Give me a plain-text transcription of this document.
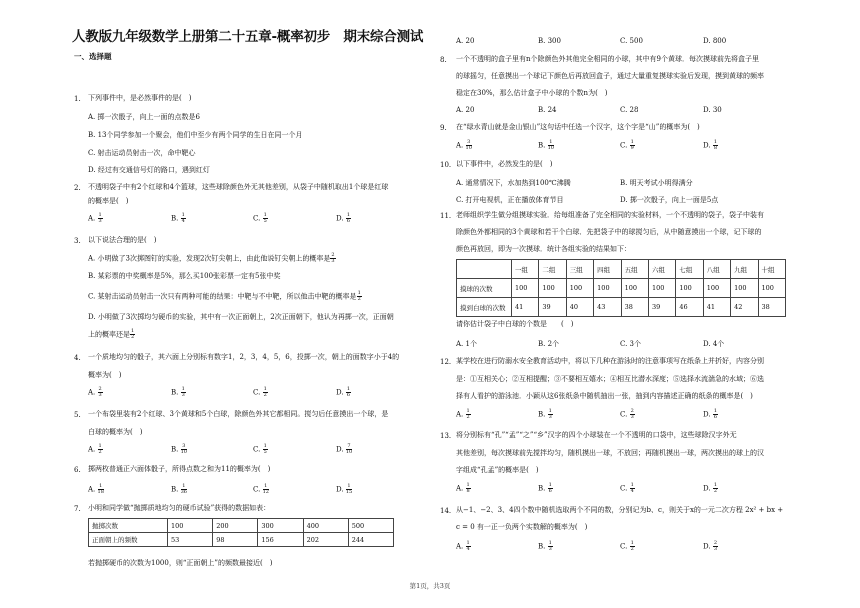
人教版九年级数学上册第二十五章-概率初步　期末综合测试
一、选择题
1. 下列事件中，是必然事件的是(　)
A. 掷一次骰子，向上一面的点数是6
B. 13个同学参加一个聚会，他们中至少有两个同学的生日在同一个月
C. 射击运动员射击一次，命中靶心
D. 经过有交通信号灯的路口，遇到红灯
2. 不透明袋子中有2个红球和4个篮球，这些球除颜色外无其他差别，从袋子中随机取出1个球是红球
的概率是(　)
A. $\frac{1}{3}$	B. $\frac{1}{4}$	C. $\frac{1}{5}$	D. $\frac{1}{6}$
3. 以下说法合理的是(　)
A. 小明做了3次掷图钉的实验，发现2次钉尖朝上，由此他说钉尖朝上的概率是 $\frac{2}{3}$
B. 某彩票的中奖概率是5%，那么买100张彩票一定有5张中奖
C. 某射击运动员射击一次只有两种可能的结果：中靶与不中靶，所以他击中靶的概率是 $\frac{1}{2}$
D. 小明做了3次掷均匀硬币的实验，其中有一次正面朝上，2次正面朝下，他认为再掷一次，正面朝
上的概率还是 $\frac{1}{2}$
4. 一个质地均匀的骰子，其六面上分别标有数字1，2，3，4，5，6，投掷一次，朝上的面数字小于4的
概率为(　)
A. $\frac{2}{3}$	B. $\frac{1}{3}$	C. $\frac{1}{2}$	D. $\frac{1}{6}$
5. 一个布袋里装有2个红球、3个黄球和5个白球，除颜色外其它都相同。搅匀后任意摸出一个球，是
白球的概率为(　)
A. $\frac{1}{2}$	B. $\frac{3}{10}$	C. $\frac{1}{5}$	D. $\frac{7}{10}$
6. 掷两枚普通正六面体骰子，所得点数之和为11的概率为(　)
A. $\frac{1}{18}$	B. $\frac{1}{36}$	C. $\frac{1}{12}$	D. $\frac{1}{15}$
7. 小明和同学做“抛掷质地均匀的硬币试验”获得的数据如表：
抛掷次数	100	200	300	400	500
正面朝上的频数	53	98	156	202	244
若抛掷硬币的次数为1000，则“正面朝上”的频数最接近(　)
A. 20	B. 300	C. 500	D. 800
8. 一个不透明的盒子里有n个除颜色外其他完全相同的小球，其中有9个黄球．每次摸球前先将盒子里
的球摇匀，任意摸出一个球记下颜色后再放回盒子，通过大量重复摸球实验后发现，摸到黄球的频率
稳定在30%，那么估计盒子中小球的个数n为(　)
A. 20	B. 24	C. 28	D. 30
9. 在“绿水青山就是金山银山”这句话中任选一个汉字，这个字是“山”的概率为(　)
A. $\frac{3}{10}$	B. $\frac{1}{10}$	C. $\frac{1}{9}$	D. $\frac{1}{8}$
10. 以下事件中，必然发生的是(　)
A. 通常情况下，水加热到100℃沸腾	B. 明天考试小明得满分
C. 打开电视机，正在播放体育节目	D. 掷一次骰子，向上一面是5点
11. 老师组织学生做分组摸球实验．给每组准备了完全相同的实验材料，一个不透明的袋子，袋子中装有
除颜色外都相同的3个黄球和若干个白球．先把袋子中的球搅匀后，从中随意摸出一个球，记下球的
颜色再放回，即为一次摸球．统计各组实验的结果如下：
	一组	二组	三组	四组	五组	六组	七组	八组	九组	十组
摸球的次数	100	100	100	100	100	100	100	100	100	100
摸到白球的次数	41	39	40	43	38	39	46	41	42	38
请你估计袋子中白球的个数是　　(　)
A. 1个	B. 2个	C. 3个	D. 4个
12. 某学校在进行防溺水安全教育活动中，将以下几种在游泳时的注意事项写在纸条上并折好，内容分别
是：①互相关心；②互相提醒；③不要相互嬉水；④相互比潜水深度；⑤选择水流湍急的水域；⑥选
择有人看护的游泳池．小颖从这6张纸条中随机抽出一张，抽到内容描述正确的纸条的概率是(　)
A. $\frac{1}{2}$	B. $\frac{1}{3}$	C. $\frac{2}{3}$	D. $\frac{1}{6}$
13. 将分别标有“孔”“孟”“之”“乡”汉字的四个小球装在一个不透明的口袋中，这些球除汉字外无
其他差别，每次摸球前先搅拌均匀，随机摸出一球，不放回；再随机摸出一球，两次摸出的球上的汉
字组成“孔孟”的概率是(　)
A. $\frac{1}{8}$	B. $\frac{1}{6}$	C. $\frac{1}{4}$	D. $\frac{1}{2}$
14. 从−1、−2、3、4四个数中随机选取两个不同的数，分别记为b、c，则关于x的一元二次方程 2x² + bx +
c = 0 有一正一负两个实数解的概率为(　)
A. $\frac{1}{4}$	B. $\frac{1}{3}$	C. $\frac{1}{2}$	D. $\frac{2}{3}$
第1页，共3页
